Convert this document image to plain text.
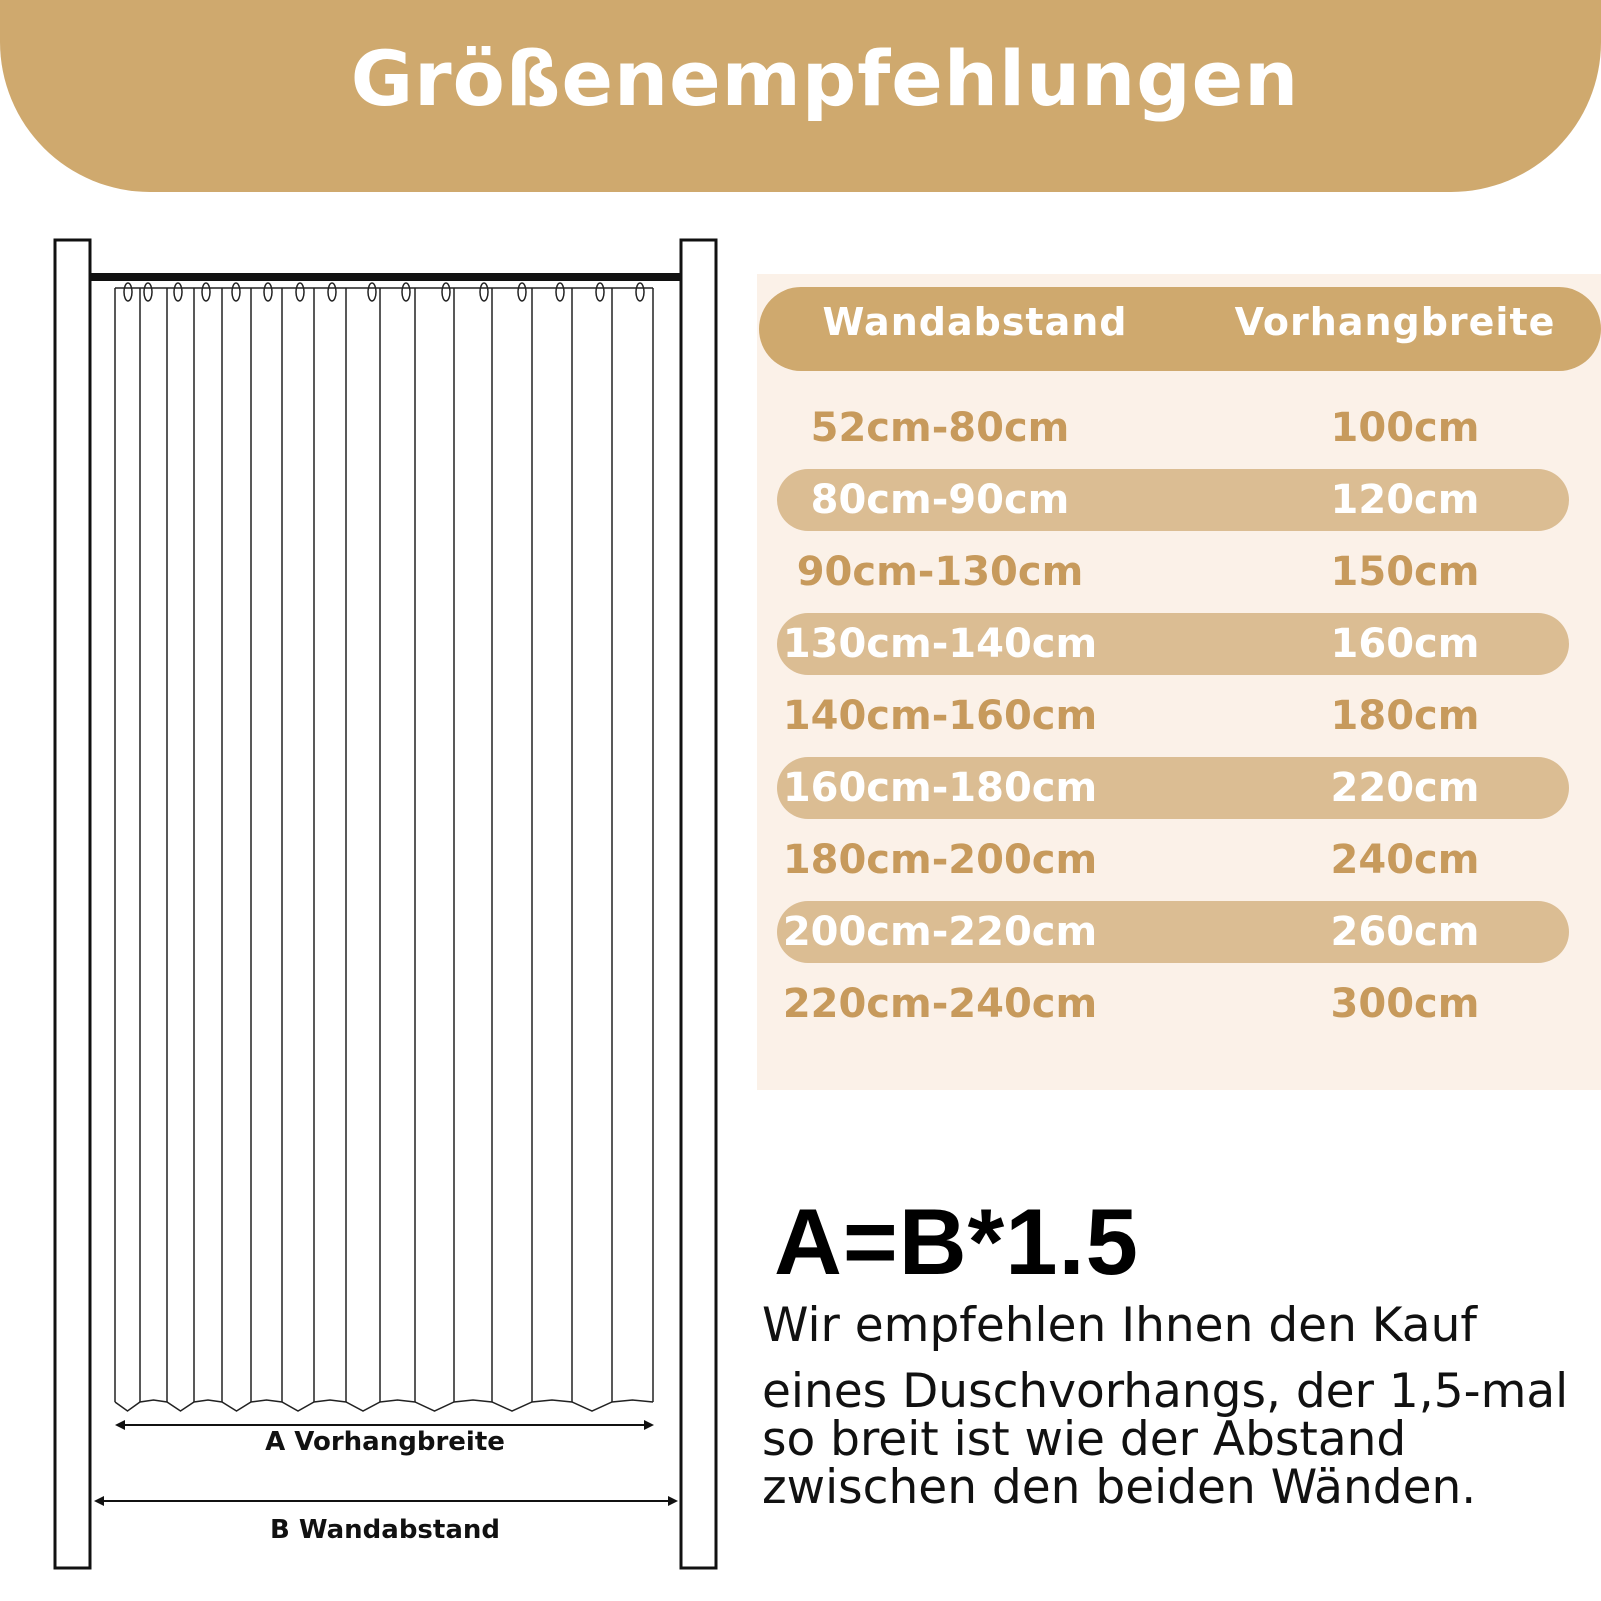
Größenempfehlungen
A Vorhangbreite
B Wandabstand
Wandabstand	Vorhangbreite
52cm-80cm	100cm
80cm-90cm	120cm
90cm-130cm	150cm
130cm-140cm	160cm
140cm-160cm	180cm
160cm-180cm	220cm
180cm-200cm	240cm
200cm-220cm	260cm
220cm-240cm	300cm
A=B*1.5
Wir empfehlen Ihnen den Kauf
eines Duschvorhangs, der 1,5-mal
so breit ist wie der Abstand
zwischen den beiden Wänden.
